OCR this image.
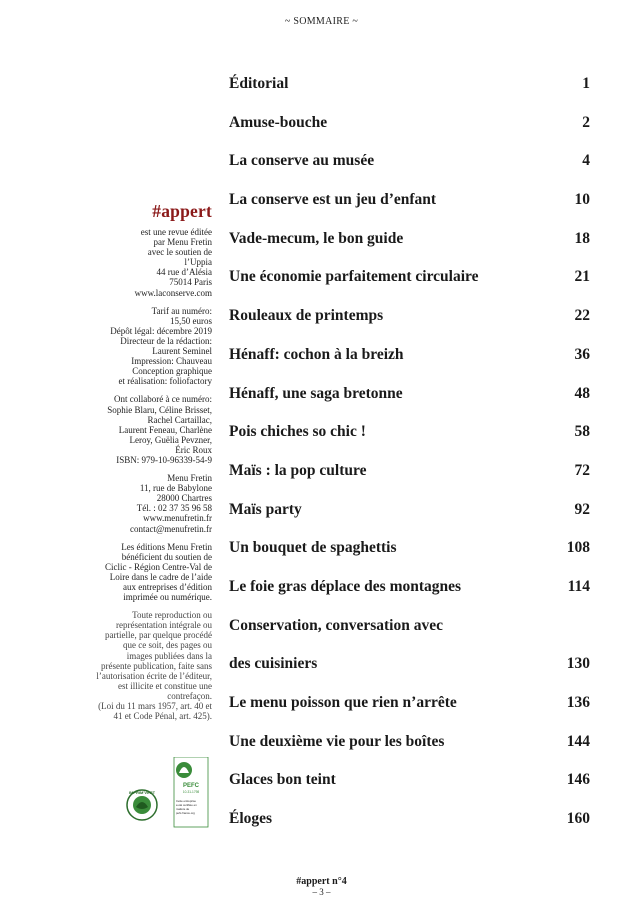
~ SOMMAIRE ~
Éditorial	1
Amuse-bouche	2
La conserve au musée	4
La conserve est un jeu d’enfant	10
Vade-mecum, le bon guide	18
Une économie parfaitement circulaire	21
Rouleaux de printemps	22
Hénaff: cochon à la breizh	36
Hénaff, une saga bretonne	48
Pois chiches so chic !	58
Maïs : la pop culture	72
Maïs party	92
Un bouquet de spaghettis	108
Le foie gras déplace des montagnes	114
Conservation, conversation avec
des cuisiniers	130
Le menu poisson que rien n’arrête	136
Une deuxième vie pour les boîtes	144
Glaces bon teint	146
Éloges	160
#appert
est une revue éditée
par Menu Fretin
avec le soutien de
l’Uppia
44 rue d’Alésia
75014 Paris
www.laconserve.com
Tarif au numéro:
15,50 euros
Dépôt légal: décembre 2019
Directeur de la rédaction:
Laurent Seminel
Impression: Chauveau
Conception graphique
et réalisation: foliofactory
Ont collaboré à ce numéro:
Sophie Blaru, Céline Brisset,
Rachel Cartaillac,
Laurent Feneau, Charlène
Leroy, Guëlia Pevzner,
Éric Roux
ISBN: 979-10-96339-54-9
Menu Fretin
11, rue de Babylone
28000 Chartres
Tél. : 02 37 35 96 58
www.menufretin.fr
contact@menufretin.fr
Les éditions Menu Fretin
bénéficient du soutien de
Ciclic - Région Centre-Val de
Loire dans le cadre de l’aide
aux entreprises d’édition
imprimée ou numérique.
Toute reproduction ou
représentation intégrale ou
partielle, par quelque procédé
que ce soit, des pages ou
images publiées dans la
présente publication, faite sans
l’autorisation écrite de l’éditeur,
est illicite et constitue une
contrefaçon.
(Loi du 11 mars 1957, art. 40 et
41 et Code Pénal, art. 425).
IMPRIM’VERT
PEFC
10-31-1798
Cette entreprise
a été certifiée en
matière de
pefc-france.org
#appert n°4
– 3 –
